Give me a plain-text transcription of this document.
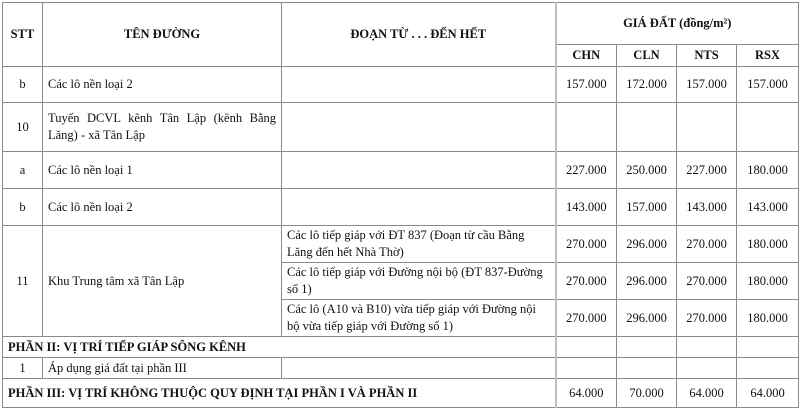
STT	TÊN ĐƯỜNG	ĐOẠN TỪ . . . ĐẾN HẾT	GIÁ ĐẤT (đồng/m²)			
			CHN	CLN	NTS	RSX
b	Các lô nền loại 2		157.000	172.000	157.000	157.000
10	Tuyến DCVL kênh Tân Lập (kênh Bằng Lăng) - xã Tân Lập					
a	Các lô nền loại 1		227.000	250.000	227.000	180.000
b	Các lô nền loại 2		143.000	157.000	143.000	143.000
11	Khu Trung tâm xã Tân Lập	Các lô tiếp giáp với ĐT 837 (Đoạn từ cầu Bằng Lăng đến hết Nhà Thờ)	270.000	296.000	270.000	180.000
		Các lô tiếp giáp với Đường nội bộ (ĐT 837-Đường số 1)	270.000	296.000	270.000	180.000
		Các lô (A10 và B10) vừa tiếp giáp với Đường nội bộ vừa tiếp giáp với Đường số 1)	270.000	296.000	270.000	180.000
PHẦN II: VỊ TRÍ TIẾP GIÁP SÔNG KÊNH						
1	Áp dụng giá đất tại phần III					
PHẦN III: VỊ TRÍ KHÔNG THUỘC QUY ĐỊNH TẠI PHẦN I VÀ PHẦN II			64.000	70.000	64.000	64.000
